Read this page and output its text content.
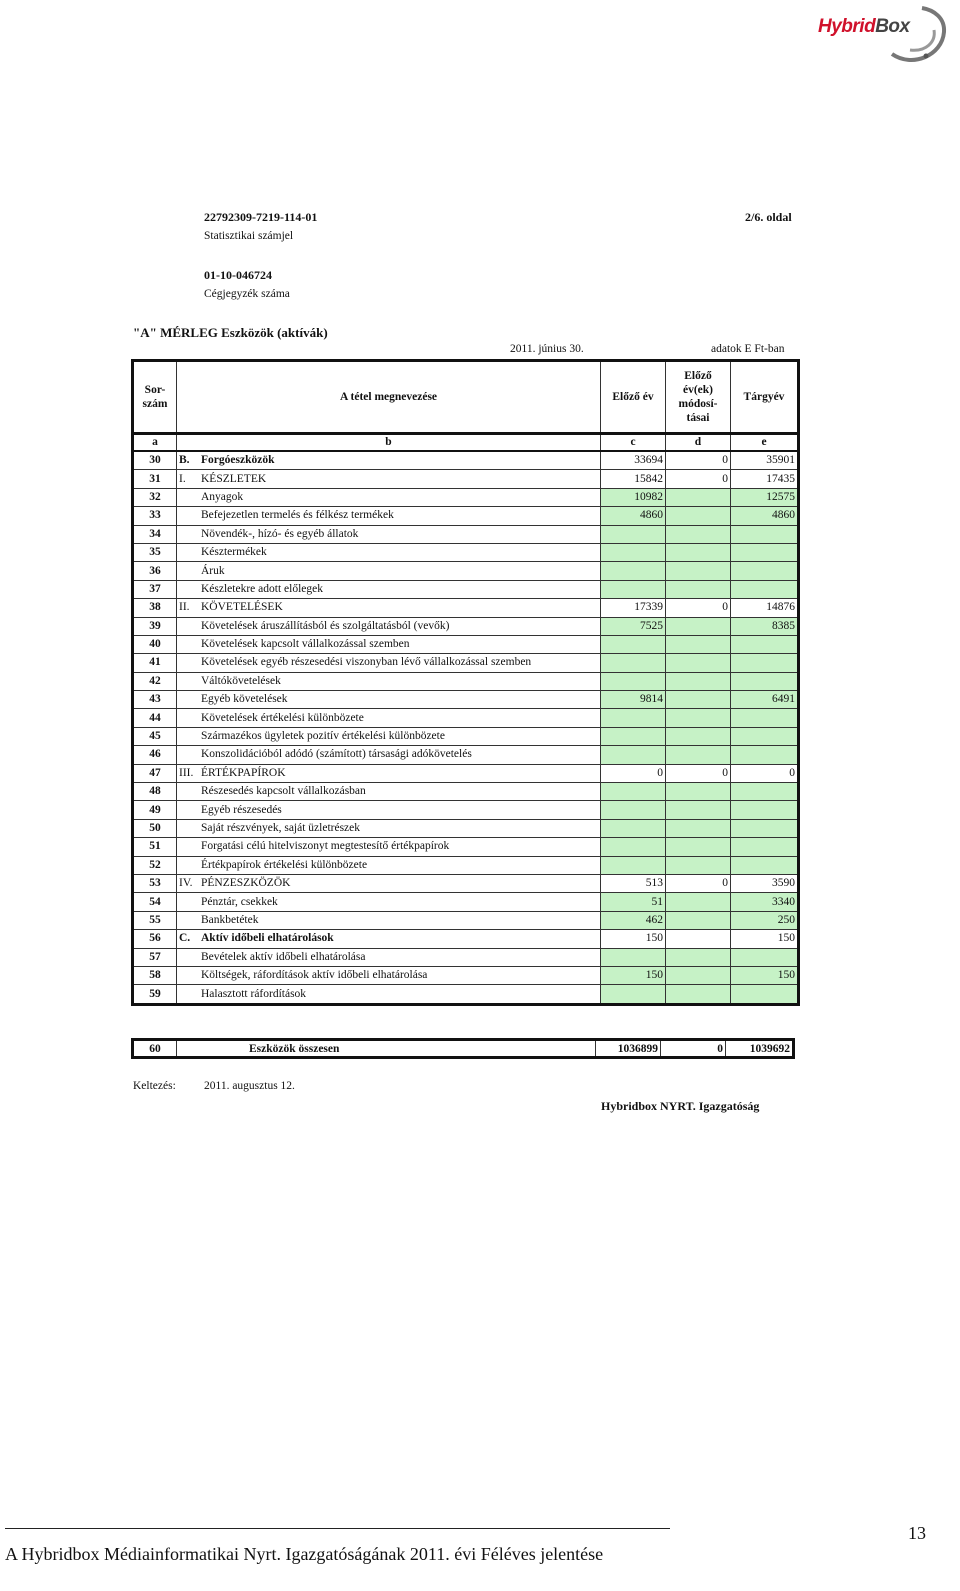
HybridBox
22792309-7219-114-01
Statisztikai számjel
2/6. oldal
01-10-046724
Cégjegyzék száma
"A" MÉRLEG Eszközök (aktívák)
2011. június 30.	adatok E Ft-ban
Sor-
szám	A tétel megnevezése	Előző év	Előző év(ek) módosí-tásai	Tárgyév
a	b	c	d	e
30	B. Forgóeszközök	33694	0	35901
31	I. KÉSZLETEK	15842	0	17435
32	Anyagok	10982		12575
33	Befejezetlen termelés és félkész termékek	4860		4860
34	Növendék-, hízó- és egyéb állatok			
35	Késztermékek			
36	Áruk			
37	Készletekre adott előlegek			
38	II. KÖVETELÉSEK	17339	0	14876
39	Követelések áruszállításból és szolgáltatásból (vevők)	7525		8385
40	Követelések kapcsolt vállalkozással szemben			
41	Követelések egyéb részesedési viszonyban lévő vállalkozással szemben			
42	Váltókövetelések			
43	Egyéb követelések	9814		6491
44	Követelések értékelési különbözete			
45	Származékos ügyletek pozitív értékelési különbözete			
46	Konszolidációból adódó (számított) társasági adókövetelés			
47	III. ÉRTÉKPAPÍROK	0	0	0
48	Részesedés kapcsolt vállalkozásban			
49	Egyéb részesedés			
50	Saját részvények, saját üzletrészek			
51	Forgatási célú hitelviszonyt megtestesítő értékpapírok			
52	Értékpapírok értékelési különbözete			
53	IV. PÉNZESZKÖZÖK	513	0	3590
54	Pénztár, csekkek	51		3340
55	Bankbetétek	462		250
56	C. Aktív időbeli elhatárolások	150		150
57	Bevételek aktív időbeli elhatárolása			
58	Költségek, ráfordítások aktív időbeli elhatárolása	150		150
59	Halasztott ráfordítások			
60	Eszközök összesen	1036899	0	1039692
Keltezés: 2011. augusztus 12.
Hybridbox NYRT. Igazgatóság
A Hybridbox Médiainformatikai Nyrt. Igazgatóságának 2011. évi Féléves jelentése
13
